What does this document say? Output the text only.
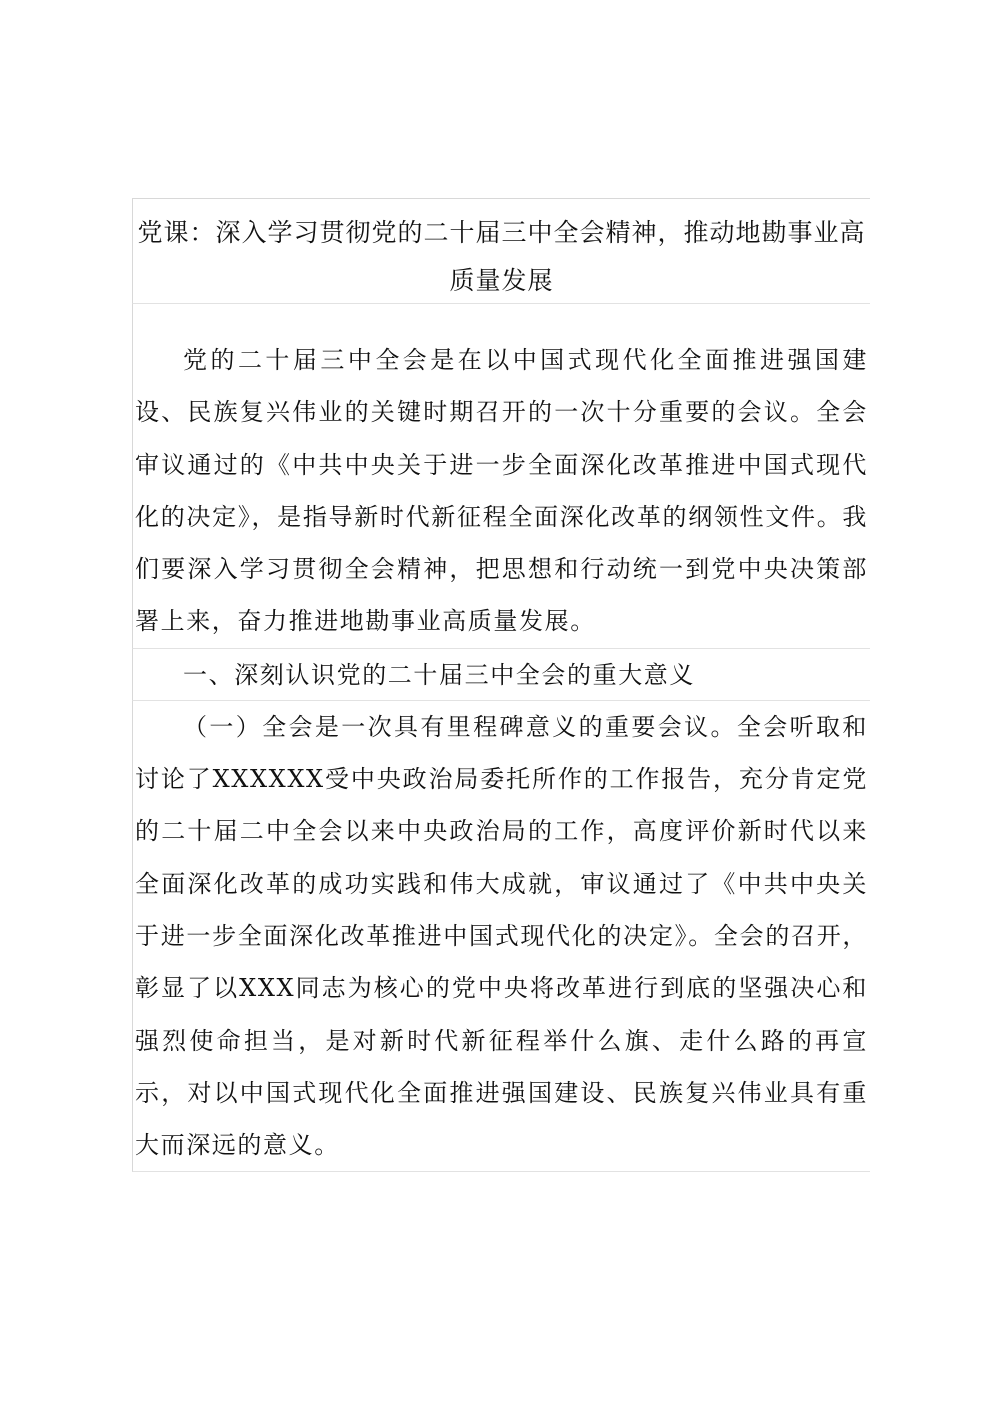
党课：深入学习贯彻党的二十届三中全会精神，推动地勘事业高质量发展

党的二十届三中全会是在以中国式现代化全面推进强国建设、民族复兴伟业的关键时期召开的一次十分重要的会议。全会审议通过的《中共中央关于进一步全面深化改革推进中国式现代化的决定》，是指导新时代新征程全面深化改革的纲领性文件。我们要深入学习贯彻全会精神，把思想和行动统一到党中央决策部署上来，奋力推进地勘事业高质量发展。

一、深刻认识党的二十届三中全会的重大意义

（一）全会是一次具有里程碑意义的重要会议。全会听取和讨论了XXXXXX受中央政治局委托所作的工作报告，充分肯定党的二十届二中全会以来中央政治局的工作，高度评价新时代以来全面深化改革的成功实践和伟大成就，审议通过了《中共中央关于进一步全面深化改革推进中国式现代化的决定》。全会的召开，彰显了以XXX同志为核心的党中央将改革进行到底的坚强决心和强烈使命担当，是对新时代新征程举什么旗、走什么路的再宣示，对以中国式现代化全面推进强国建设、民族复兴伟业具有重大而深远的意义。
